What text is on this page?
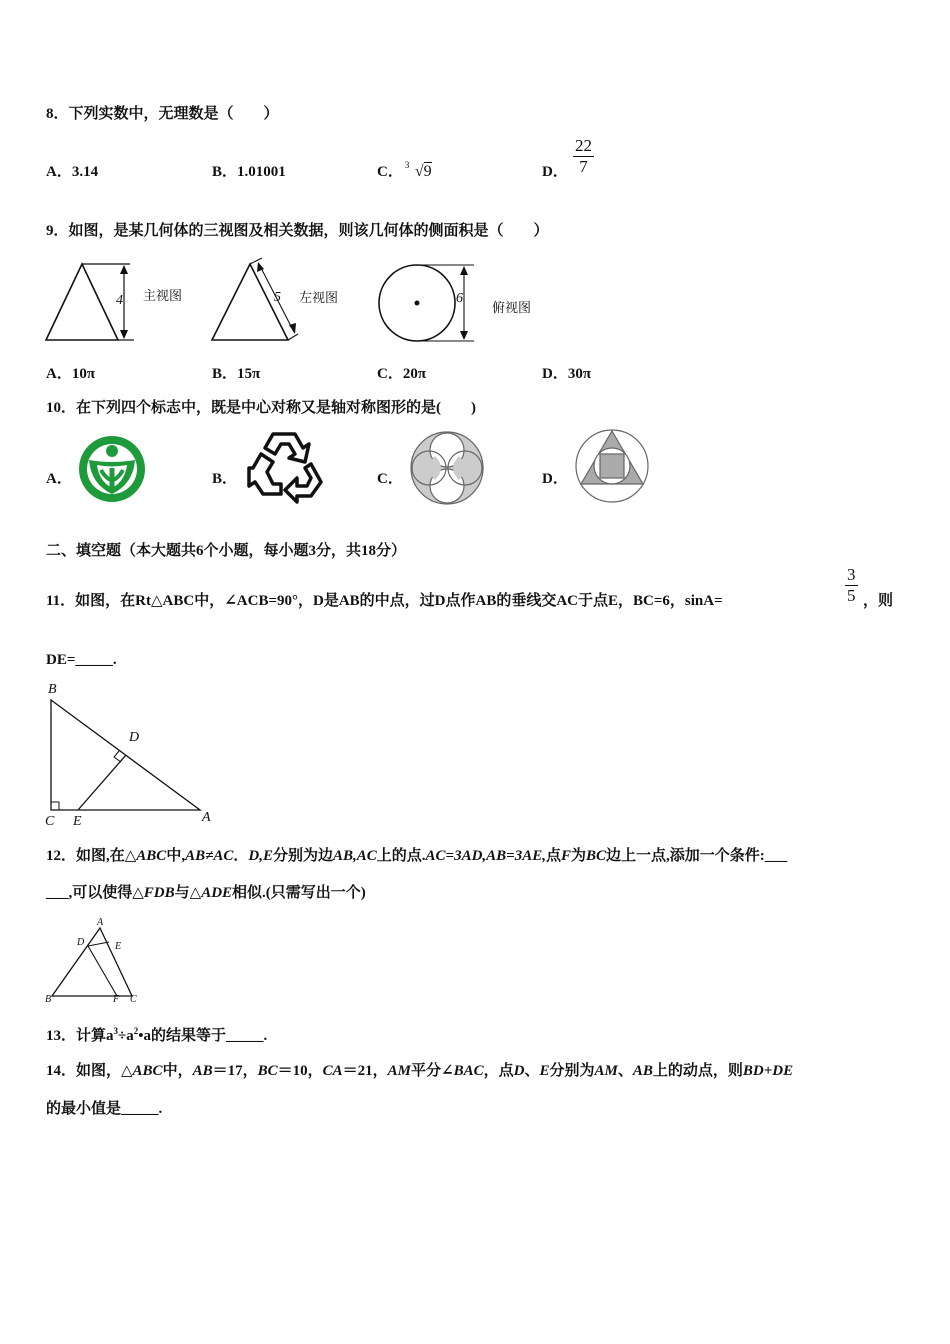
8．下列实数中，无理数是（　　）
A．3.14	B．1.01001	C． 3 √9	D． $\frac{22}{7}$
9．如图，是某几何体的三视图及相关数据，则该几何体的侧面积是（　　）
4 主视图	5 左视图	6
俯视图
A．10π	B．15π	C．20π	D．30π
10．在下列四个标志中，既是中心对称又是轴对称图形的是(　　)
A．	B．	C．	D．
二、填空题（本大题共6个小题，每小题3分，共18分）
11．如图，在Rt△ABC中，∠ACB=90°，D是AB的中点，过D点作AB的垂线交AC于点E，BC=6，sinA=	$\frac{3}{5}$ ，则
DE=_____.
B
D
C E	A
12．如图,在△ABC中,AB≠AC．D,E分别为边AB,AC上的点.AC=3AD,AB=3AE,点F为BC边上一点,添加一个条件:___
___,可以使得△FDB与△ADE相似.(只需写出一个)
A
D	E
B	F C
13．计算$a^3\div a^2•a$的结果等于_____.
14．如图，△ABC中，AB＝17，BC＝10，CA＝21，AM平分∠BAC，点D、E分别为AM、AB上的动点，则BD+DE
的最小值是_____.
